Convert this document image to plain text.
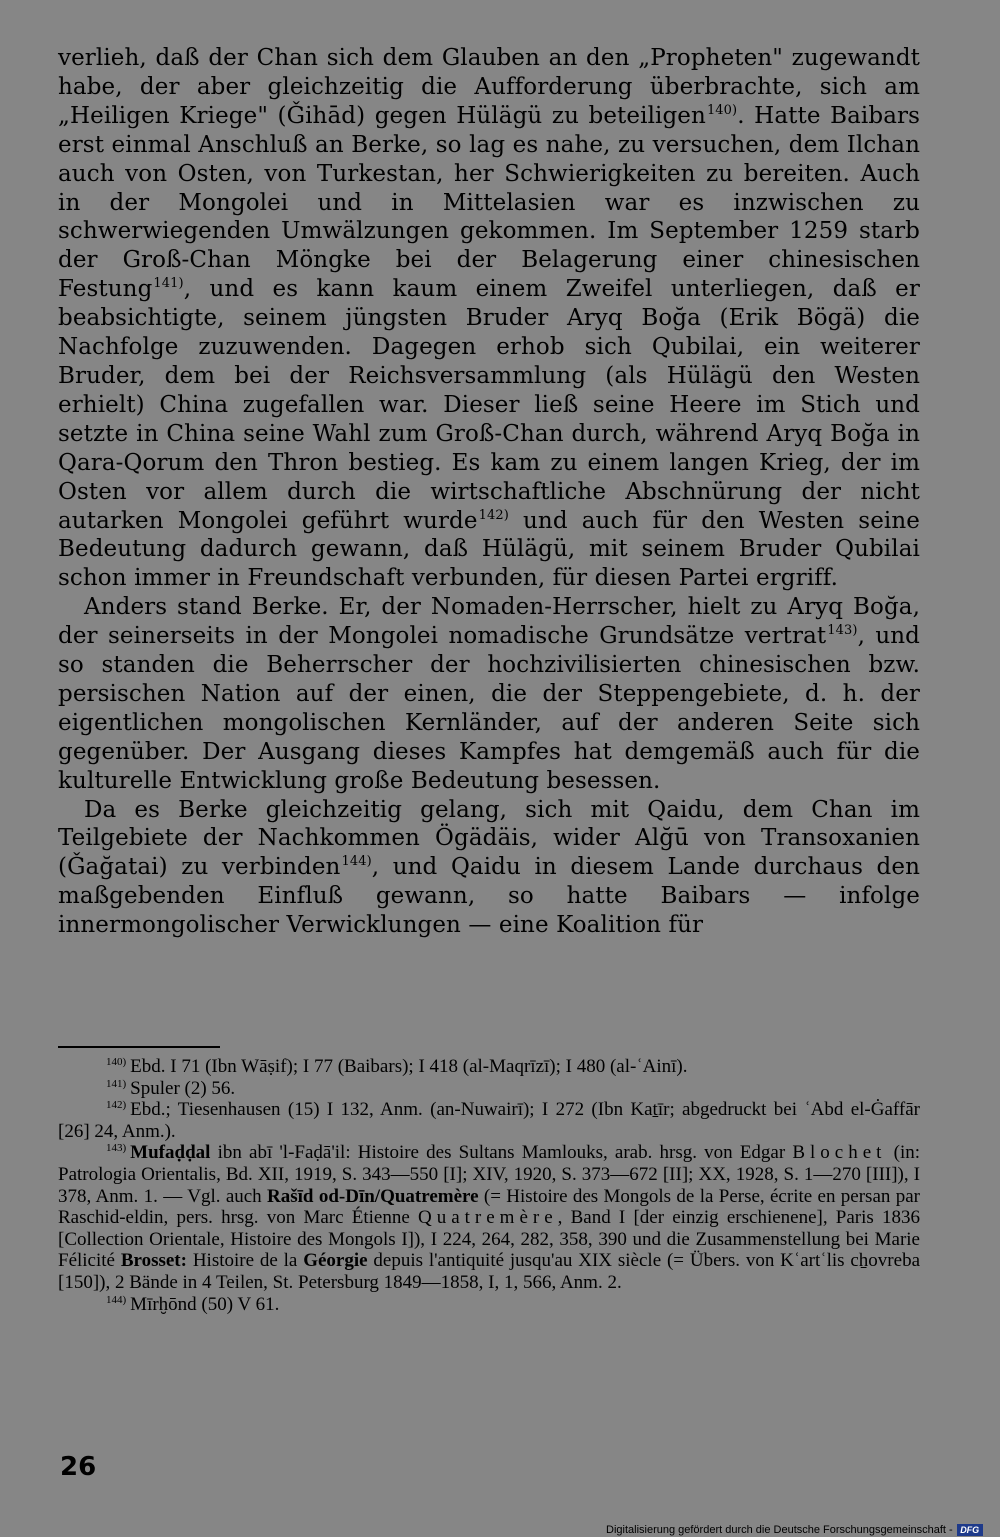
verlieh, daß der Chan sich dem Glauben an den „Propheten" zugewandt habe, der aber gleichzeitig die Aufforderung überbrachte, sich am „Heiligen Kriege" (Ǧihād) gegen Hülägü zu beteiligen$^{140)}$. Hatte Baibars erst einmal Anschluß an Berke, so lag es nahe, zu versuchen, dem Ilchan auch von Osten, von Turkestan, her Schwierigkeiten zu bereiten. Auch in der Mongolei und in Mittelasien war es inzwischen zu schwerwiegenden Umwälzungen gekommen. Im September 1259 starb der Groß-Chan Möngke bei der Belagerung einer chinesischen Festung$^{141)}$, und es kann kaum einem Zweifel unterliegen, daß er beabsichtigte, seinem jüngsten Bruder Aryq Boğa (Erik Bögä) die Nachfolge zuzuwenden. Dagegen erhob sich Qubilai, ein weiterer Bruder, dem bei der Reichsversammlung (als Hülägü den Westen erhielt) China zugefallen war. Dieser ließ seine Heere im Stich und setzte in China seine Wahl zum Groß-Chan durch, während Aryq Boğa in Qara-Qorum den Thron bestieg. Es kam zu einem langen Krieg, der im Osten vor allem durch die wirtschaftliche Abschnürung der nicht autarken Mongolei geführt wurde$^{142)}$ und auch für den Westen seine Bedeutung dadurch gewann, daß Hülägü, mit seinem Bruder Qubilai schon immer in Freundschaft verbunden, für diesen Partei ergriff.

Anders stand Berke. Er, der Nomaden-Herrscher, hielt zu Aryq Boğa, der seinerseits in der Mongolei nomadische Grundsätze vertrat$^{143)}$, und so standen die Beherrscher der hochzivilisierten chinesischen bzw. persischen Nation auf der einen, die der Steppengebiete, d. h. der eigentlichen mongolischen Kernländer, auf der anderen Seite sich gegenüber. Der Ausgang dieses Kampfes hat demgemäß auch für die kulturelle Entwicklung große Bedeutung besessen.

Da es Berke gleichzeitig gelang, sich mit Qaidu, dem Chan im Teilgebiete der Nachkommen Ögädäis, wider Alğū von Transoxanien (Ǧağatai) zu verbinden$^{144)}$, und Qaidu in diesem Lande durchaus den maßgebenden Einfluß gewann, so hatte Baibars — infolge innermongolischer Verwicklungen — eine Koalition für

$^{140)}$ Ebd. I 71 (Ibn Wāṣif); I 77 (Baibars); I 418 (al-Maqrīzī); I 480 (al-ʿAinī).

$^{141)}$ Spuler (2) 56.

$^{142)}$ Ebd.; Tiesenhausen (15) I 132, Anm. (an-Nuwairī); I 272 (Ibn Kaṯīr; abgedruckt bei ʿAbd el-Ġaffār [26] 24, Anm.).

$^{143)}$ Mufaḍḍal ibn abī 'l-Faḍā'il: Histoire des Sultans Mamlouks, arab. hrsg. von Edgar Blochet (in: Patrologia Orientalis, Bd. XII, 1919, S. 343—550 [I]; XIV, 1920, S. 373—672 [II]; XX, 1928, S. 1—270 [III]), I 378, Anm. 1. — Vgl. auch Rašīd od-Dīn/Quatremère (= Histoire des Mongols de la Perse, écrite en persan par Raschid-eldin, pers. hrsg. von Marc Étienne Quatremère, Band I [der einzig erschienene], Paris 1836 [Collection Orientale, Histoire des Mongols I]), I 224, 264, 282, 358, 390 und die Zusammenstellung bei Marie Félicité Brosset: Histoire de la Géorgie depuis l'antiquité jusqu'au XIX siècle (= Übers. von Kʿartʿlis cẖovreba [150]), 2 Bände in 4 Teilen, St. Petersburg 1849—1858, I, 1, 566, Anm. 2.

$^{144)}$ Mīrḫōnd (50) V 61.

26
Digitalisierung gefördert durch die Deutsche Forschungsgemeinschaft - DFG
